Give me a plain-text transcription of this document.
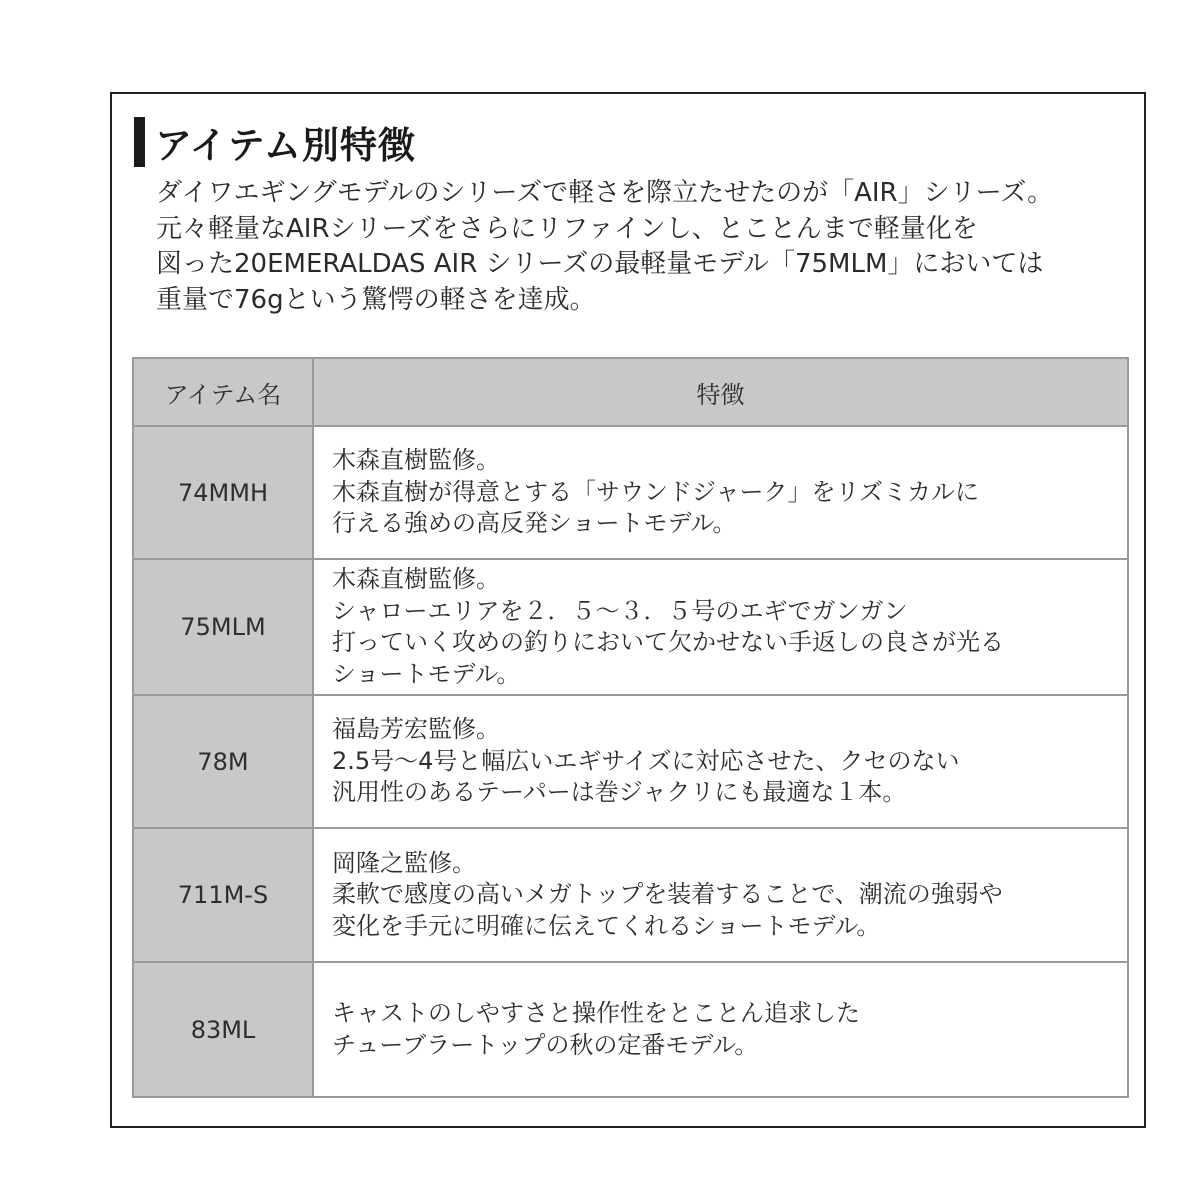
アイテム別特徴
ダイワエギングモデルのシリーズで軽さを際立たせたのが「AIR」シリーズ。
元々軽量なAIRシリーズをさらにリファインし、とことんまで軽量化を
図った20EMERALDAS AIR シリーズの最軽量モデル「75MLM」においては
重量で76gという驚愕の軽さを達成。
アイテム名	特徴
74MMH	木森直樹監修。
木森直樹が得意とする「サウンドジャーク」をリズミカルに
行える強めの高反発ショートモデル。

75MLM	木森直樹監修。
シャローエリアを２．５～３．５号のエギでガンガン
打っていく攻めの釣りにおいて欠かせない手返しの良さが光る
ショートモデル。

78M	福島芳宏監修。
2.5号～4号と幅広いエギサイズに対応させた、クセのない
汎用性のあるテーパーは巻ジャクリにも最適な１本。

711M-S	岡隆之監修。
柔軟で感度の高いメガトップを装着することで、潮流の強弱や
変化を手元に明確に伝えてくれるショートモデル。

83ML	キャストのしやすさと操作性をとことん追求した
チューブラートップの秋の定番モデル。
